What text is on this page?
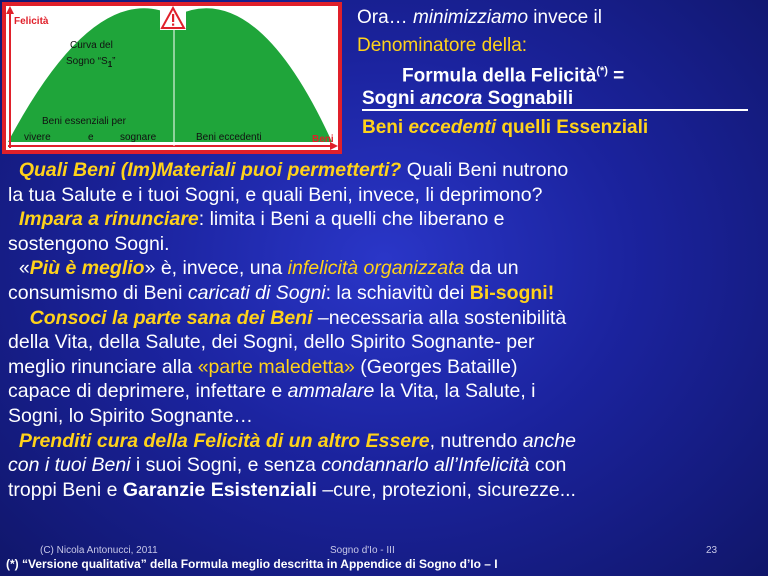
Felicità
Beni
Curva del
Sogno “$S_1$”
Beni essenziali per
vivere	e	sognare	Beni eccedenti
Ora… minimizziamo invece il
Denominatore della:
Formula della Felicità(*) =
Sogni ancora Sognabili
Beni eccedenti quelli Essenziali

Quali Beni (Im)Materiali puoi permetterti? Quali Beni nutrono

la tua Salute e i tuoi Sogni, e quali Beni, invece, li deprimono?

Impara a rinunciare: limita i Beni a quelli che liberano e

sostengono Sogni.

«Più è meglio» è, invece, una infelicità organizzata da un

consumismo di Beni caricati di Sogni: la schiavitù dei Bi-sogni!

Consoci la parte sana dei Beni –necessaria alla sostenibilità

della Vita, della Salute, dei Sogni, dello Spirito Sognante- per

meglio rinunciare alla «parte maledetta» (Georges Bataille)

capace di deprimere, infettare e ammalare la Vita, la Salute, i

Sogni, lo Spirito Sognante…

Prenditi cura della Felicità di un altro Essere, nutrendo anche

con i tuoi Beni i suoi Sogni, e senza condannarlo all’Infelicità con

troppi Beni e Garanzie Esistenziali –cure, protezioni, sicurezze...

(C) Nicola Antonucci, 2011	Sogno d'Io - III	23
(*) “Versione qualitativa” della Formula meglio descritta in Appendice di Sogno d’Io – I
